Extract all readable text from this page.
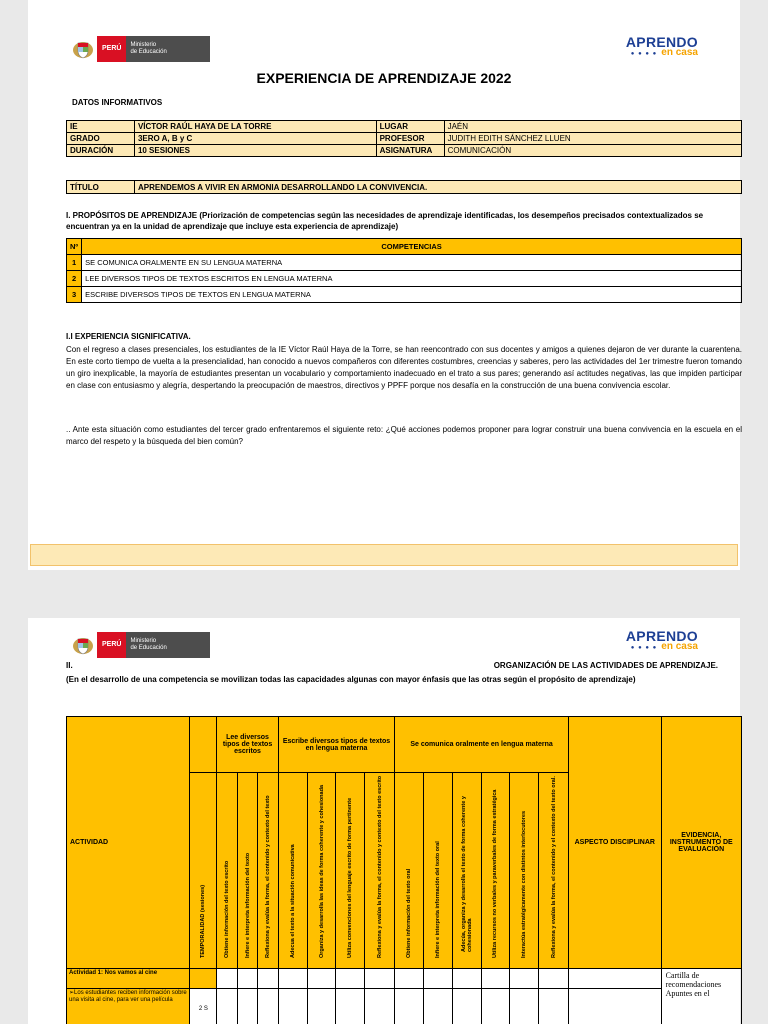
PERÚ	Ministerio
de Educación
APRENDO
● ● ● ● en casa
EXPERIENCIA DE APRENDIZAJE 2022
DATOS INFORMATIVOS
IE	VÍCTOR RAÚL HAYA DE LA TORRE	LUGAR	JAÉN
GRADO	3ERO A, B y C	PROFESOR	JUDITH EDITH SÁNCHEZ LLUEN
DURACIÓN	10 SESIONES	ASIGNATURA	COMUNICACIÓN
TÍTULO	APRENDEMOS A VIVIR EN ARMONIA DESARROLLANDO LA CONVIVENCIA.
I. PROPÓSITOS DE APRENDIZAJE (Priorización de competencias según las necesidades de aprendizaje identificadas, los desempeños precisados contextualizados se encuentran ya en la unidad de aprendizaje que incluye esta experiencia de aprendizaje)
Nº	COMPETENCIAS
1	SE COMUNICA ORALMENTE EN SU LENGUA MATERNA
2	LEE DIVERSOS TIPOS DE TEXTOS ESCRITOS EN LENGUA MATERNA
3	ESCRIBE DIVERSOS TIPOS DE TEXTOS EN LENGUA MATERNA
I.I EXPERIENCIA SIGNIFICATIVA.
Con el regreso a clases presenciales, los estudiantes de la IE Víctor Raúl Haya de la Torre, se han reencontrado con sus docentes y amigos a quienes dejaron de ver durante la cuarentena. En este corto tiempo de vuelta a la presencialidad, han conocido a nuevos compañeros con diferentes costumbres, creencias y saberes, pero las actividades del 1er trimestre fueron tomando un giro inexplicable, la mayoría de estudiantes presentan un vocabulario y comportamiento inadecuado en el trato a sus pares; generando así actitudes negativas, las que impiden participar en clase con entusiasmo y alegría, despertando la preocupación de maestros, directivos y PPFF porque nos desafía en la construcción de una buena convivencia escolar.
.. Ante esta situación como estudiantes del tercer grado enfrentaremos el siguiente reto: ¿Qué acciones podemos proponer para lograr construir una buena convivencia en la escuela en el marco del respeto y la búsqueda del bien común?
PERÚ	Ministerio
de Educación
APRENDO
● ● ● ● en casa
II.	ORGANIZACIÓN DE LAS ACTIVIDADES DE APRENDIZAJE.
(En el desarrollo de una competencia se movilizan todas las capacidades algunas con mayor énfasis que las otras según el propósito de aprendizaje)
ACTIVIDAD		Lee diversos tipos de textos escritos			Escribe diversos tipos de textos en lengua materna				Se comunica oralmente en lengua materna						ASPECTO DISCIPLINAR	EVIDENCIA, INSTRUMENTO DE EVALUACIÓN

	TEMPORALIDAD (sesiones)	Obtiene información del texto escrito	Infiere e interpreta información del texto	Reflexiona y evalúa la forma, el contenido y contexto del texto	Adecua el texto a la situación comunicativa	Organiza y desarrolla las ideas de forma coherente y cohesionada	Utiliza convenciones del lenguaje escrito de forma pertinente	Reflexiona y evalúa la forma, el contenido y contexto del texto escrito	Obtiene información del texto oral	Infiere e interpreta información del texto oral	Adecúa, organiza y desarrolla el texto de forma coherente y cohesionada	Utiliza recursos no verbales y paraverbales de forma estratégica	Interactúa estratégicamente con distintos interlocutores	Reflexiona y evalúa la forma, el contenido y el contexto del texto oral.		

Actividad 1: Nos vamos al cine																Cartilla de recomendaciones Apuntes en el
➢Los estudiantes reciben información sobre una visita al cine, para ver una película	2 S															
